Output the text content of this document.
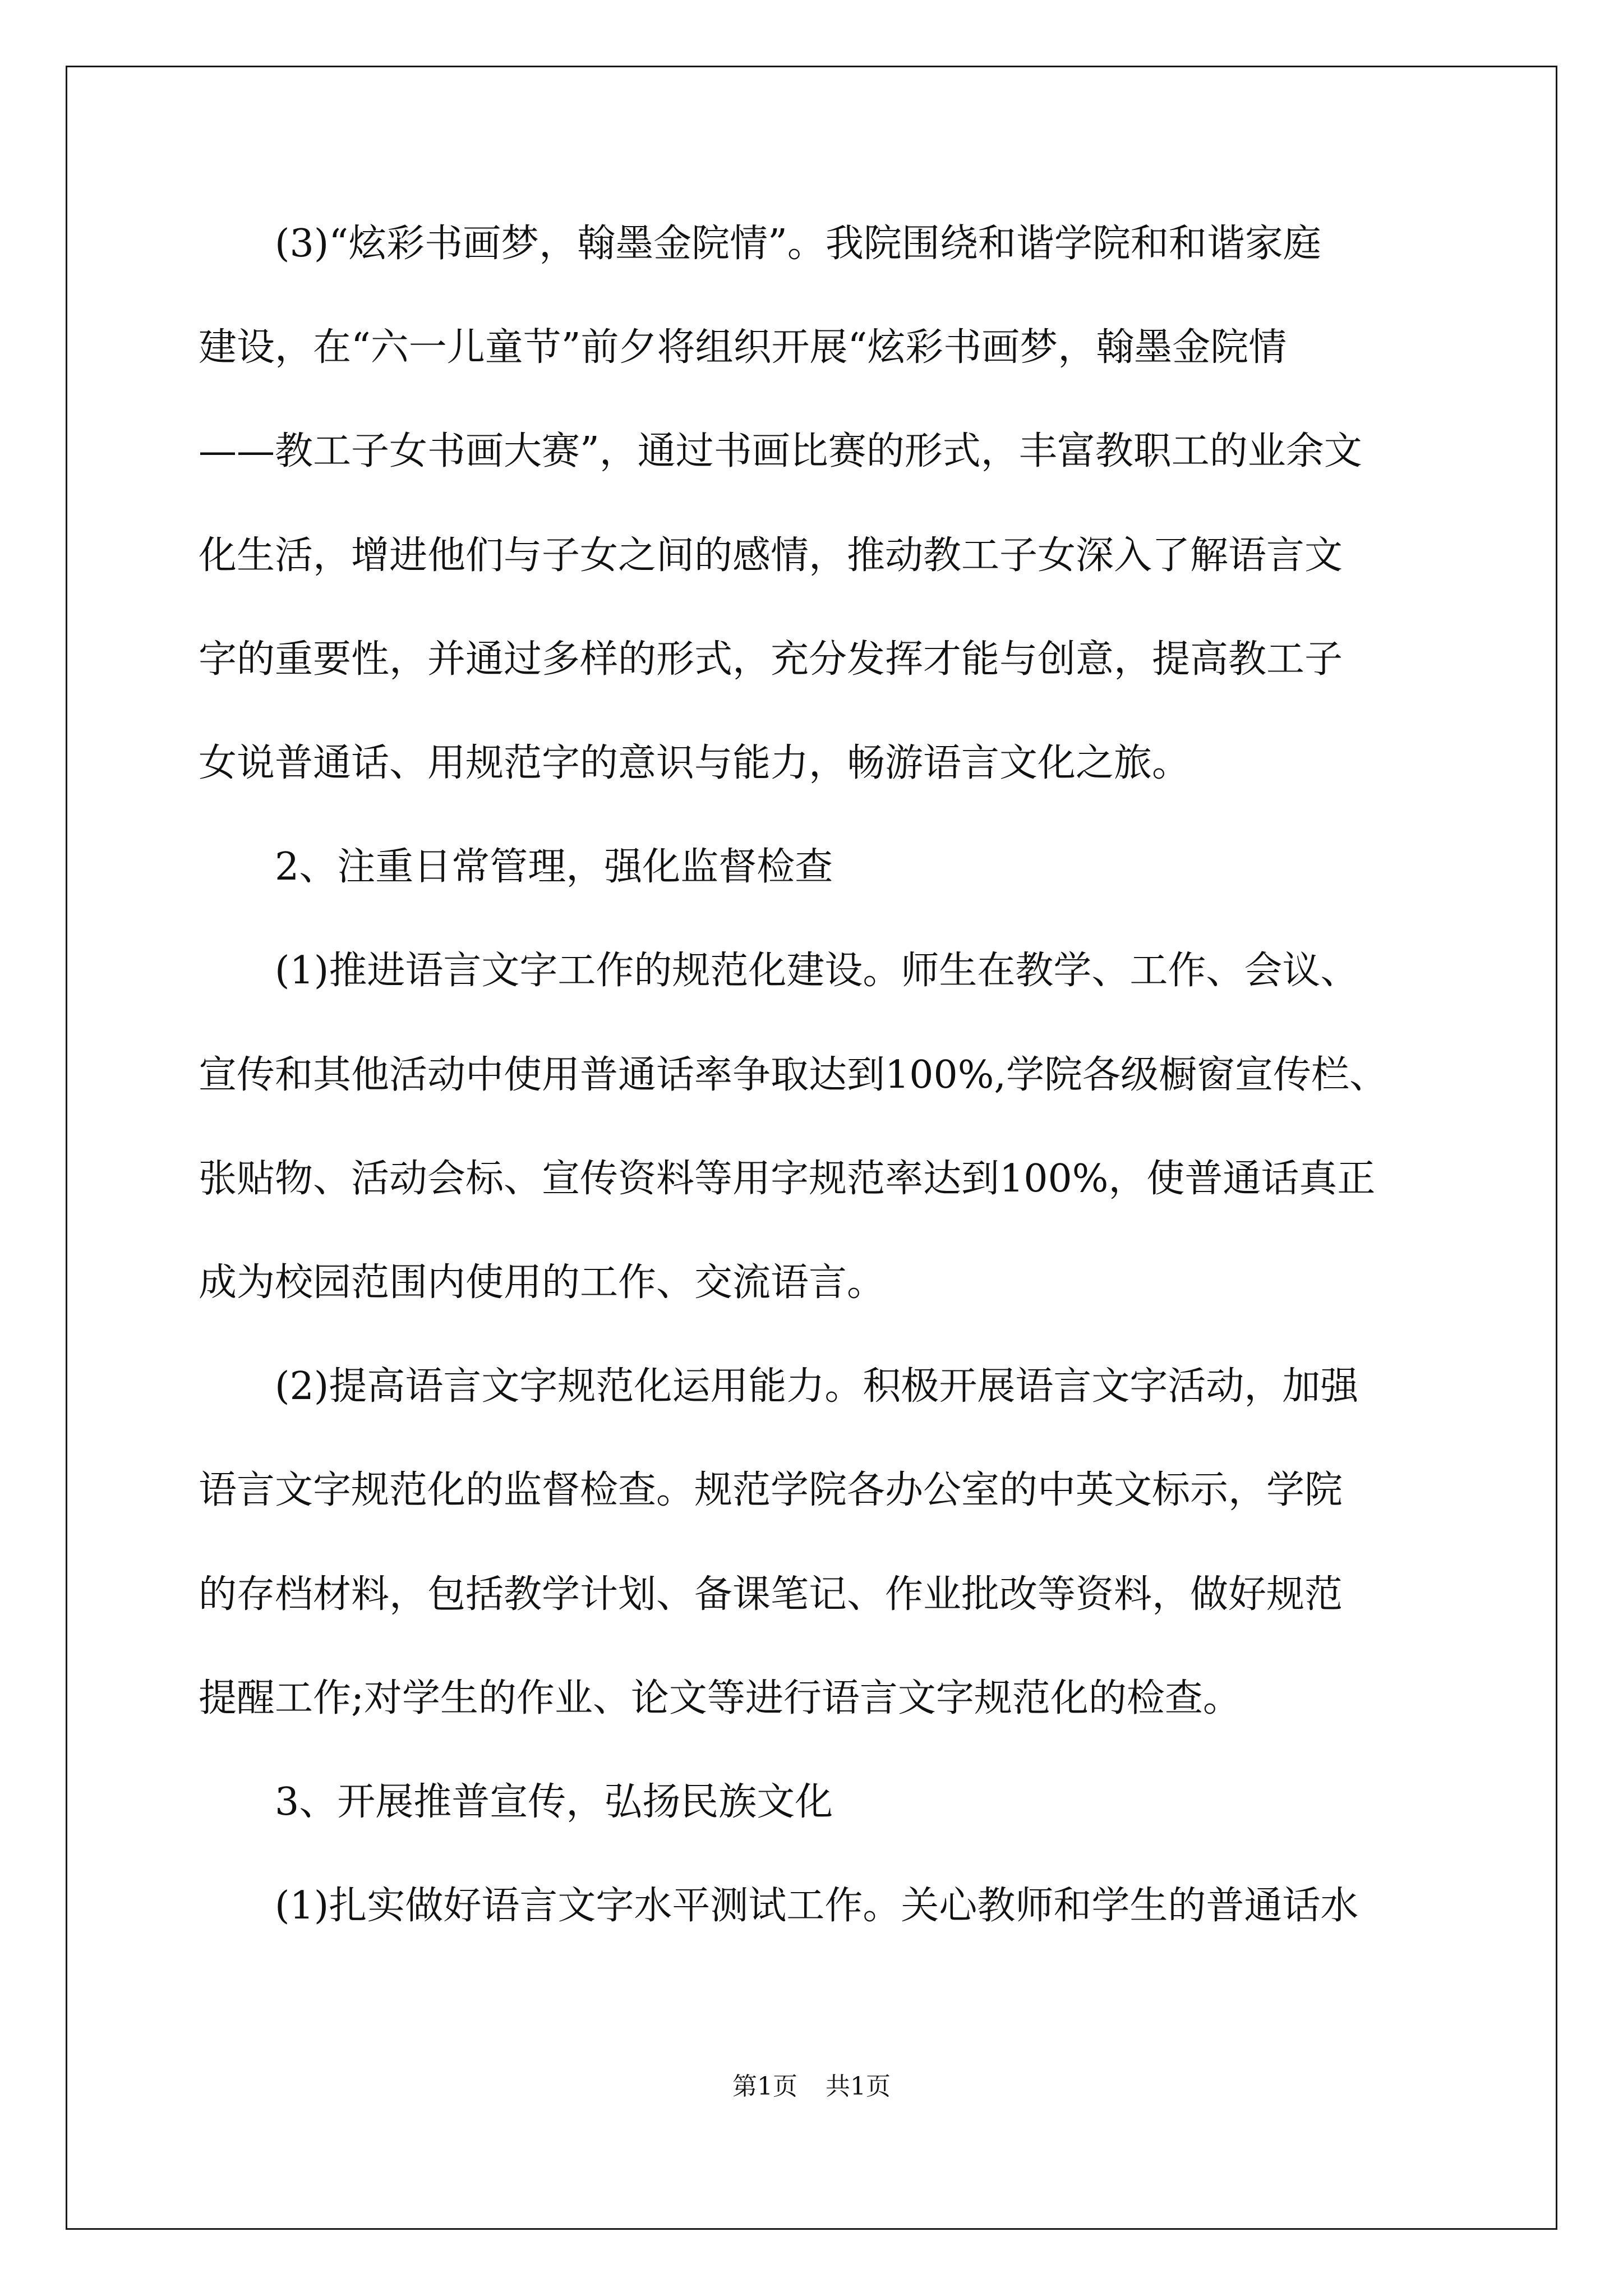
(3)“炫彩书画梦，翰墨金院情”。我院围绕和谐学院和和谐家庭
建设，在“六一儿童节”前夕将组织开展“炫彩书画梦，翰墨金院情
——教工子女书画大赛”，通过书画比赛的形式，丰富教职工的业余文
化生活，增进他们与子女之间的感情，推动教工子女深入了解语言文
字的重要性，并通过多样的形式，充分发挥才能与创意，提高教工子
女说普通话、用规范字的意识与能力，畅游语言文化之旅。
2、注重日常管理，强化监督检查
(1)推进语言文字工作的规范化建设。师生在教学、工作、会议、
宣传和其他活动中使用普通话率争取达到100%,学院各级橱窗宣传栏、
张贴物、活动会标、宣传资料等用字规范率达到100%，使普通话真正
成为校园范围内使用的工作、交流语言。
(2)提高语言文字规范化运用能力。积极开展语言文字活动，加强
语言文字规范化的监督检查。规范学院各办公室的中英文标示，学院
的存档材料，包括教学计划、备课笔记、作业批改等资料，做好规范
提醒工作;对学生的作业、论文等进行语言文字规范化的检查。
3、开展推普宣传，弘扬民族文化
(1)扎实做好语言文字水平测试工作。关心教师和学生的普通话水
第1页 共1页
